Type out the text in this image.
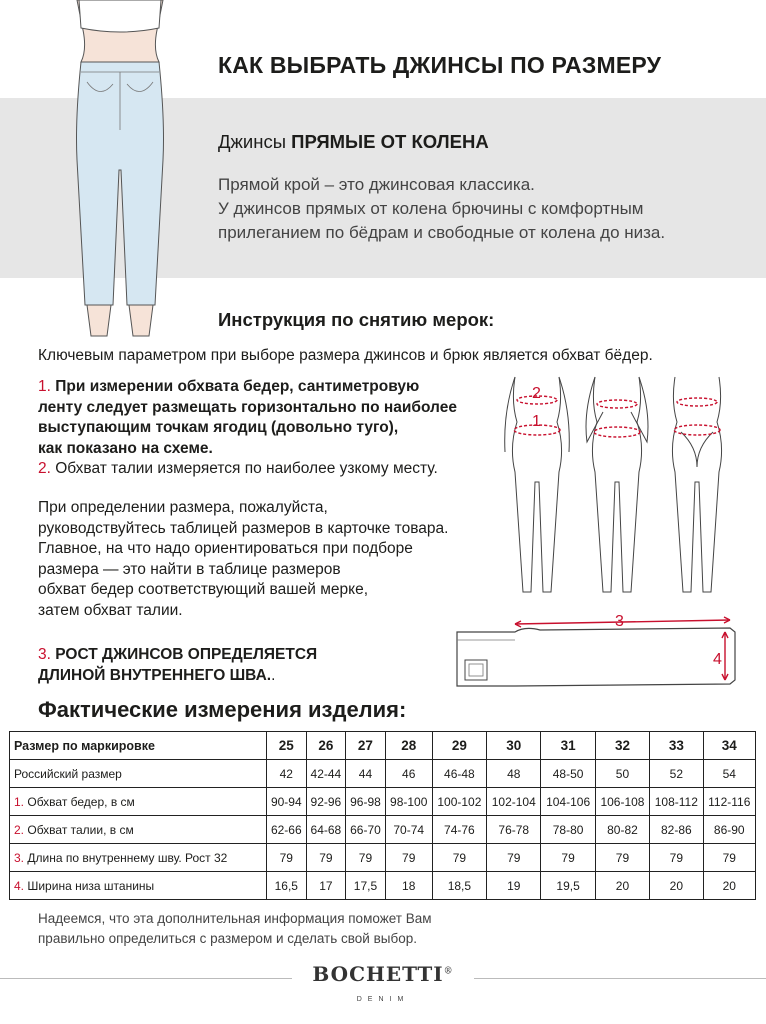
КАК ВЫБРАТЬ ДЖИНСЫ ПО РАЗМЕРУ
Джинсы ПРЯМЫЕ ОТ КОЛЕНА
Прямой крой – это джинсовая классика.
У джинсов прямых от колена брючины с комфортным
прилеганием по бёдрам и свободные от колена до низа.
Инструкция по снятию мерок:
Ключевым параметром при выборе размера джинсов и брюк является обхват бёдер.
1. При измерении обхвата бедер, сантиметровую
ленту следует размещать горизонтально по наиболее
выступающим точкам ягодиц (довольно туго),
как показано на схеме.
2. Обхват талии измеряется по наиболее узкому месту.
При определении размера, пожалуйста,
руководствуйтесь таблицей размеров в карточке товара.
Главное, на что надо ориентироваться при подборе
размера — это найти в таблице размеров
обхват бедер соответствующий вашей мерке,
затем обхват талии.
3. РОСТ ДЖИНСОВ ОПРЕДЕЛЯЕТСЯ
ДЛИНОЙ ВНУТРЕННЕГО ШВА..
2
1
3
4
Фактические измерения изделия:
Размер по маркировке	25	26	27	28	29	30	31	32	33	34
Российский размер	42	42-44	44	46	46-48	48	48-50	50	52	54
1. Обхват бедер, в см	90-94	92-96	96-98	98-100	100-102	102-104	104-106	106-108	108-112	112-116
2. Обхват талии, в см	62-66	64-68	66-70	70-74	74-76	76-78	78-80	80-82	82-86	86-90
3. Длина по внутреннему шву. Рост 32	79	79	79	79	79	79	79	79	79	79
4. Ширина низа штанины	16,5	17	17,5	18	18,5	19	19,5	20	20	20
Надеемся, что эта дополнительная информация поможет Вам
правильно определиться с размером и сделать свой выбор.
BOCHETTI®
DENIM
